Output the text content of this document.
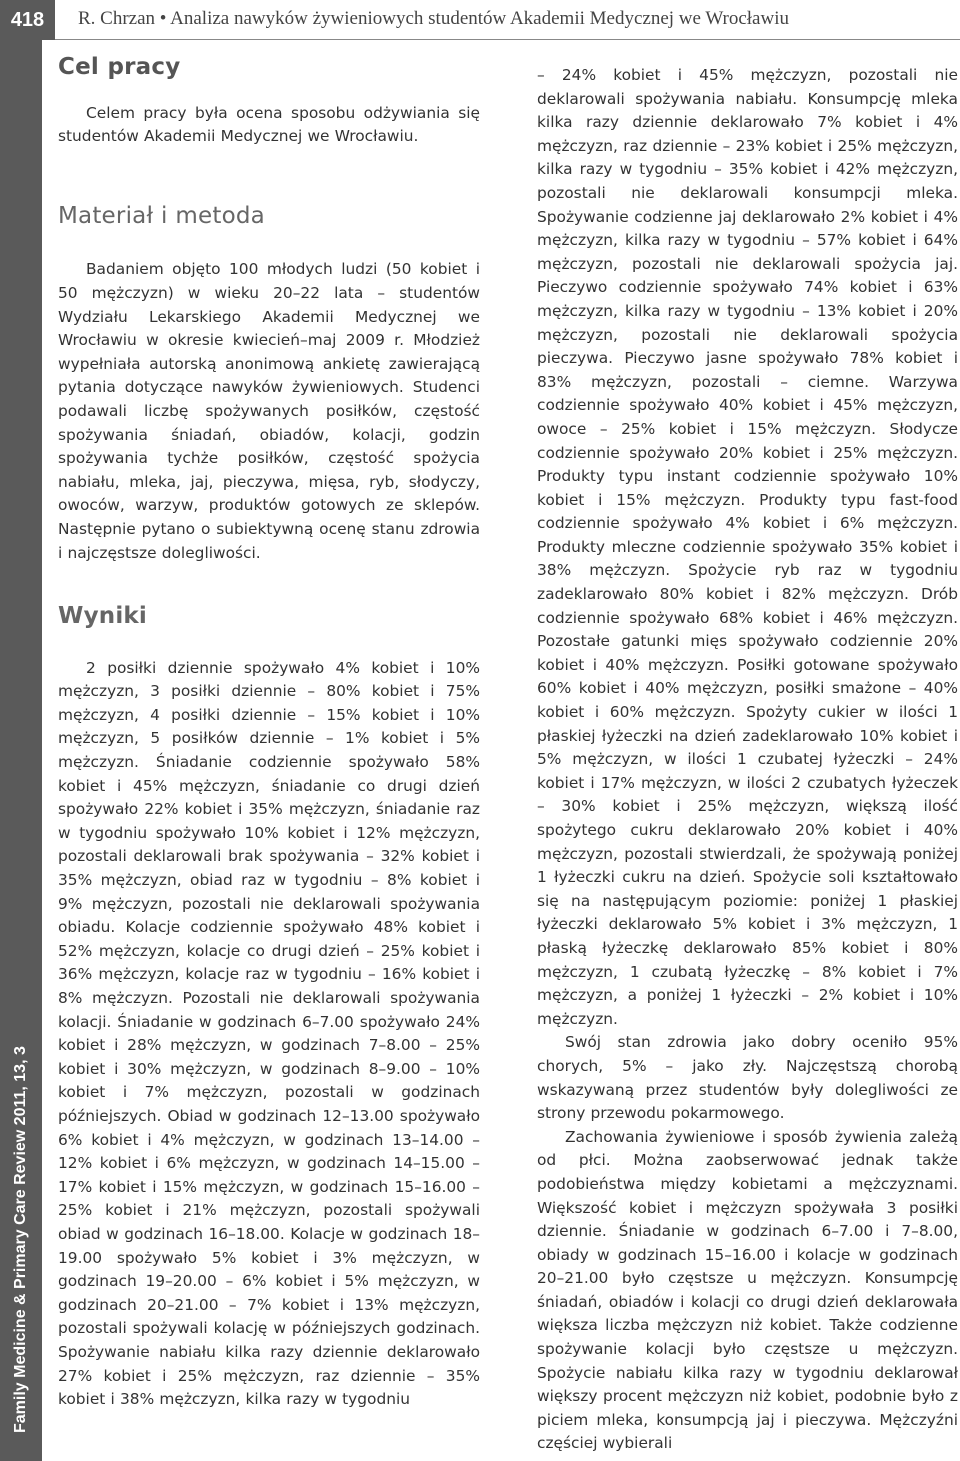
418	R. Chrzan • Analiza nawyków żywieniowych studentów Akademii Medycznej we Wrocławiu
Family Medicine & Primary Care Review 2011, 13, 3
Cel pracy

Celem pracy była ocena sposobu odżywiania się studentów Akademii Medycznej we Wrocławiu.

Materiał i metoda

Badaniem objęto 100 młodych ludzi (50 kobiet i 50 mężczyzn) w wieku 20–22 lata – studentów Wydziału Lekarskiego Akademii Medycznej we Wrocławiu w okresie kwiecień–maj 2009 r. Młodzież wypełniała autorską anonimową ankietę zawierającą pytania dotyczące nawyków żywieniowych. Studenci podawali liczbę spożywanych posiłków, częstość spożywania śniadań, obiadów, kolacji, godzin spożywania tychże posiłków, częstość spożycia nabiału, mleka, jaj, pieczywa, mięsa, ryb, słodyczy, owoców, warzyw, produktów gotowych ze sklepów. Następnie pytano o subiektywną ocenę stanu zdrowia i najczęstsze dolegliwości.

Wyniki

2 posiłki dziennie spożywało 4% kobiet i 10% mężczyzn, 3 posiłki dziennie – 80% kobiet i 75% mężczyzn, 4 posiłki dziennie – 15% kobiet i 10% mężczyzn, 5 posiłków dziennie – 1% kobiet i 5% mężczyzn. Śniadanie codziennie spożywało 58% kobiet i 45% mężczyzn, śniadanie co drugi dzień spożywało 22% kobiet i 35% mężczyzn, śniadanie raz w tygodniu spożywało 10% kobiet i 12% mężczyzn, pozostali deklarowali brak spożywania – 32% kobiet i 35% mężczyzn, obiad raz w tygodniu – 8% kobiet i 9% mężczyzn, pozostali nie deklarowali spożywania obiadu. Kolacje codziennie spożywało 48% kobiet i 52% mężczyzn, kolacje co drugi dzień – 25% kobiet i 36% mężczyzn, kolacje raz w tygodniu – 16% kobiet i 8% mężczyzn. Pozostali nie deklarowali spożywania kolacji. Śniadanie w godzinach 6–7.00 spożywało 24% kobiet i 28% mężczyzn, w godzinach 7–8.00 – 25% kobiet i 30% mężczyzn, w godzinach 8–9.00 – 10% kobiet i 7% mężczyzn, pozostali w godzinach późniejszych. Obiad w godzinach 12–13.00 spożywało 6% kobiet i 4% mężczyzn, w godzinach 13–14.00 – 12% kobiet i 6% mężczyzn, w godzinach 14–15.00 – 17% kobiet i 15% mężczyzn, w godzinach 15–16.00 – 25% kobiet i 21% mężczyzn, pozostali spożywali obiad w godzinach 16–18.00. Kolacje w godzinach 18–19.00 spożywało 5% kobiet i 3% mężczyzn, w godzinach 19–20.00 – 6% kobiet i 5% mężczyzn, w godzinach 20–21.00 – 7% kobiet i 13% mężczyzn, pozostali spożywali kolację w późniejszych godzinach. Spożywanie nabiału kilka razy dziennie deklarowało 27% kobiet i 25% mężczyzn, raz dziennie – 35% kobiet i 38% mężczyzn, kilka razy w tygodniu

– 24% kobiet i 45% mężczyzn, pozostali nie deklarowali spożywania nabiału. Konsumpcję mleka kilka razy dziennie deklarowało 7% kobiet i 4% mężczyzn, raz dziennie – 23% kobiet i 25% mężczyzn, kilka razy w tygodniu – 35% kobiet i 42% mężczyzn, pozostali nie deklarowali konsumpcji mleka. Spożywanie codzienne jaj deklarowało 2% kobiet i 4% mężczyzn, kilka razy w tygodniu – 57% kobiet i 64% mężczyzn, pozostali nie deklarowali spożycia jaj. Pieczywo codziennie spożywało 74% kobiet i 63% mężczyzn, kilka razy w tygodniu – 13% kobiet i 20% mężczyzn, pozostali nie deklarowali spożycia pieczywa. Pieczywo jasne spożywało 78% kobiet i 83% mężczyzn, pozostali – ciemne. Warzywa codziennie spożywało 40% kobiet i 45% mężczyzn, owoce – 25% kobiet i 15% mężczyzn. Słodycze codziennie spożywało 20% kobiet i 25% mężczyzn. Produkty typu instant codziennie spożywało 10% kobiet i 15% mężczyzn. Produkty typu fast-food codziennie spożywało 4% kobiet i 6% mężczyzn. Produkty mleczne codziennie spożywało 35% kobiet i 38% mężczyzn. Spożycie ryb raz w tygodniu zadeklarowało 80% kobiet i 82% mężczyzn. Drób codziennie spożywało 68% kobiet i 46% mężczyzn. Pozostałe gatunki mięs spożywało codziennie 20% kobiet i 40% mężczyzn. Posiłki gotowane spożywało 60% kobiet i 40% mężczyzn, posiłki smażone – 40% kobiet i 60% mężczyzn. Spożyty cukier w ilości 1 płaskiej łyżeczki na dzień zadeklarowało 10% kobiet i 5% mężczyzn, w ilości 1 czubatej łyżeczki – 24% kobiet i 17% mężczyzn, w ilości 2 czubatych łyżeczek – 30% kobiet i 25% mężczyzn, większą ilość spożytego cukru deklarowało 20% kobiet i 40% mężczyzn, pozostali stwierdzali, że spożywają poniżej 1 łyżeczki cukru na dzień. Spożycie soli kształtowało się na następującym poziomie: poniżej 1 płaskiej łyżeczki deklarowało 5% kobiet i 3% mężczyzn, 1 płaską łyżeczkę deklarowało 85% kobiet i 80% mężczyzn, 1 czubatą łyżeczkę – 8% kobiet i 7% mężczyzn, a poniżej 1 łyżeczki – 2% kobiet i 10% mężczyzn.

Swój stan zdrowia jako dobry oceniło 95% chorych, 5% – jako zły. Najczęstszą chorobą wskazywaną przez studentów były dolegliwości ze strony przewodu pokarmowego.

Zachowania żywieniowe i sposób żywienia zależą od płci. Można zaobserwować jednak także podobieństwa między kobietami a mężczyznami. Większość kobiet i mężczyzn spożywała 3 posiłki dziennie. Śniadanie w godzinach 6–7.00 i 7–8.00, obiady w godzinach 15–16.00 i kolacje w godzinach 20–21.00 było częstsze u mężczyzn. Konsumpcję śniadań, obiadów i kolacji co drugi dzień deklarowała większa liczba mężczyzn niż kobiet. Także codzienne spożywanie kolacji było częstsze u mężczyzn. Spożycie nabiału kilka razy w tygodniu deklarował większy procent mężczyzn niż kobiet, podobnie było z piciem mleka, konsumpcją jaj i pieczywa. Mężczyźni częściej wybierali
